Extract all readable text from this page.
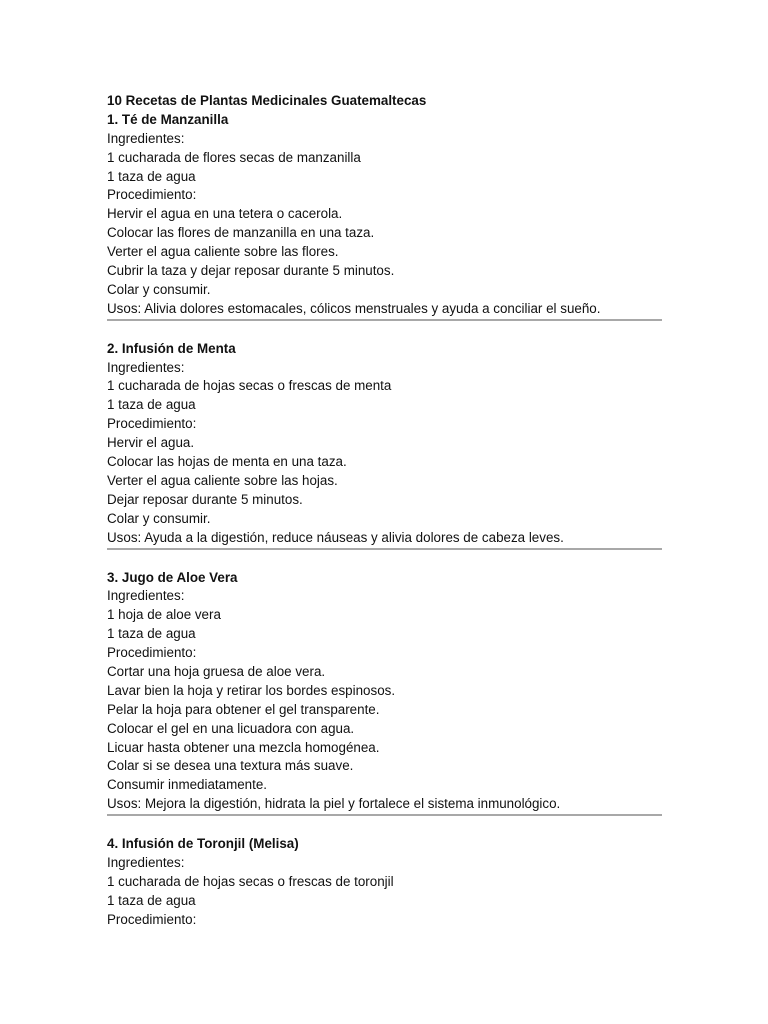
10 Recetas de Plantas Medicinales Guatemaltecas
1. Té de Manzanilla
Ingredientes:
1 cucharada de flores secas de manzanilla
1 taza de agua
Procedimiento:
Hervir el agua en una tetera o cacerola.
Colocar las flores de manzanilla en una taza.
Verter el agua caliente sobre las flores.
Cubrir la taza y dejar reposar durante 5 minutos.
Colar y consumir.
Usos: Alivia dolores estomacales, cólicos menstruales y ayuda a conciliar el sueño.
2. Infusión de Menta
Ingredientes:
1 cucharada de hojas secas o frescas de menta
1 taza de agua
Procedimiento:
Hervir el agua.
Colocar las hojas de menta en una taza.
Verter el agua caliente sobre las hojas.
Dejar reposar durante 5 minutos.
Colar y consumir.
Usos: Ayuda a la digestión, reduce náuseas y alivia dolores de cabeza leves.
3. Jugo de Aloe Vera
Ingredientes:
1 hoja de aloe vera
1 taza de agua
Procedimiento:
Cortar una hoja gruesa de aloe vera.
Lavar bien la hoja y retirar los bordes espinosos.
Pelar la hoja para obtener el gel transparente.
Colocar el gel en una licuadora con agua.
Licuar hasta obtener una mezcla homogénea.
Colar si se desea una textura más suave.
Consumir inmediatamente.
Usos: Mejora la digestión, hidrata la piel y fortalece el sistema inmunológico.
4. Infusión de Toronjil (Melisa)
Ingredientes:
1 cucharada de hojas secas o frescas de toronjil
1 taza de agua
Procedimiento:
